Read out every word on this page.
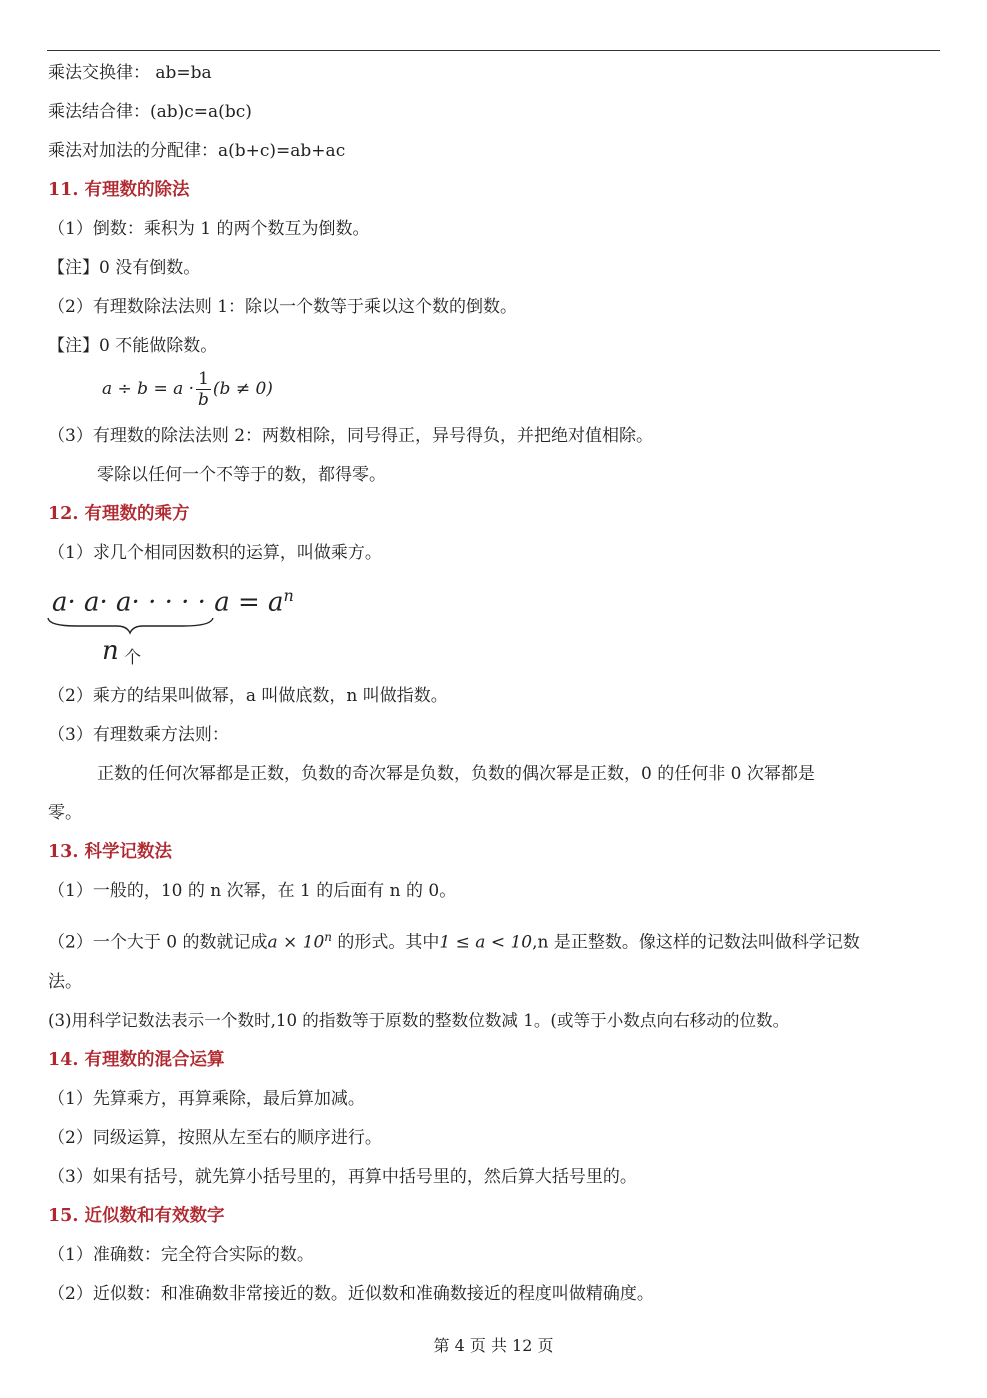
乘法交换律： ab=ba
乘法结合律：(ab)c=a(bc)
乘法对加法的分配律：a(b+c)=ab+ac
11. 有理数的除法
（1）倒数：乘积为 1 的两个数互为倒数。
【注】0 没有倒数。
（2）有理数除法法则 1：除以一个数等于乘以这个数的倒数。
【注】0 不能做除数。
$a \div b = a \cdot \frac{1}{b} (b \ne 0)$
（3）有理数的除法法则 2：两数相除，同号得正，异号得负，并把绝对值相除。
零除以任何一个不等于的数，都得零。
12. 有理数的乘方
（1）求几个相同因数积的运算，叫做乘方。
a· a· a· · · · · $a = a^n$
n 个
（2）乘方的结果叫做幂，a 叫做底数，n 叫做指数。
（3）有理数乘方法则：
正数的任何次幂都是正数，负数的奇次幂是负数，负数的偶次幂是正数，0 的任何非 0 次幂都是
零。
13. 科学记数法
（1）一般的，10 的 n 次幂，在 1 的后面有 n 的 0。
（2）一个大于 0 的数就记成$a \times 10^n$ 的形式。其中1 ≤ a < 10,n 是正整数。像这样的记数法叫做科学记数
法。
(3)用科学记数法表示一个数时,10 的指数等于原数的整数位数减 1。(或等于小数点向右移动的位数。
14. 有理数的混合运算
（1）先算乘方，再算乘除，最后算加减。
（2）同级运算，按照从左至右的顺序进行。
（3）如果有括号，就先算小括号里的，再算中括号里的，然后算大括号里的。
15. 近似数和有效数字
（1）准确数：完全符合实际的数。
（2）近似数：和准确数非常接近的数。近似数和准确数接近的程度叫做精确度。
第 4 页 共 12 页
